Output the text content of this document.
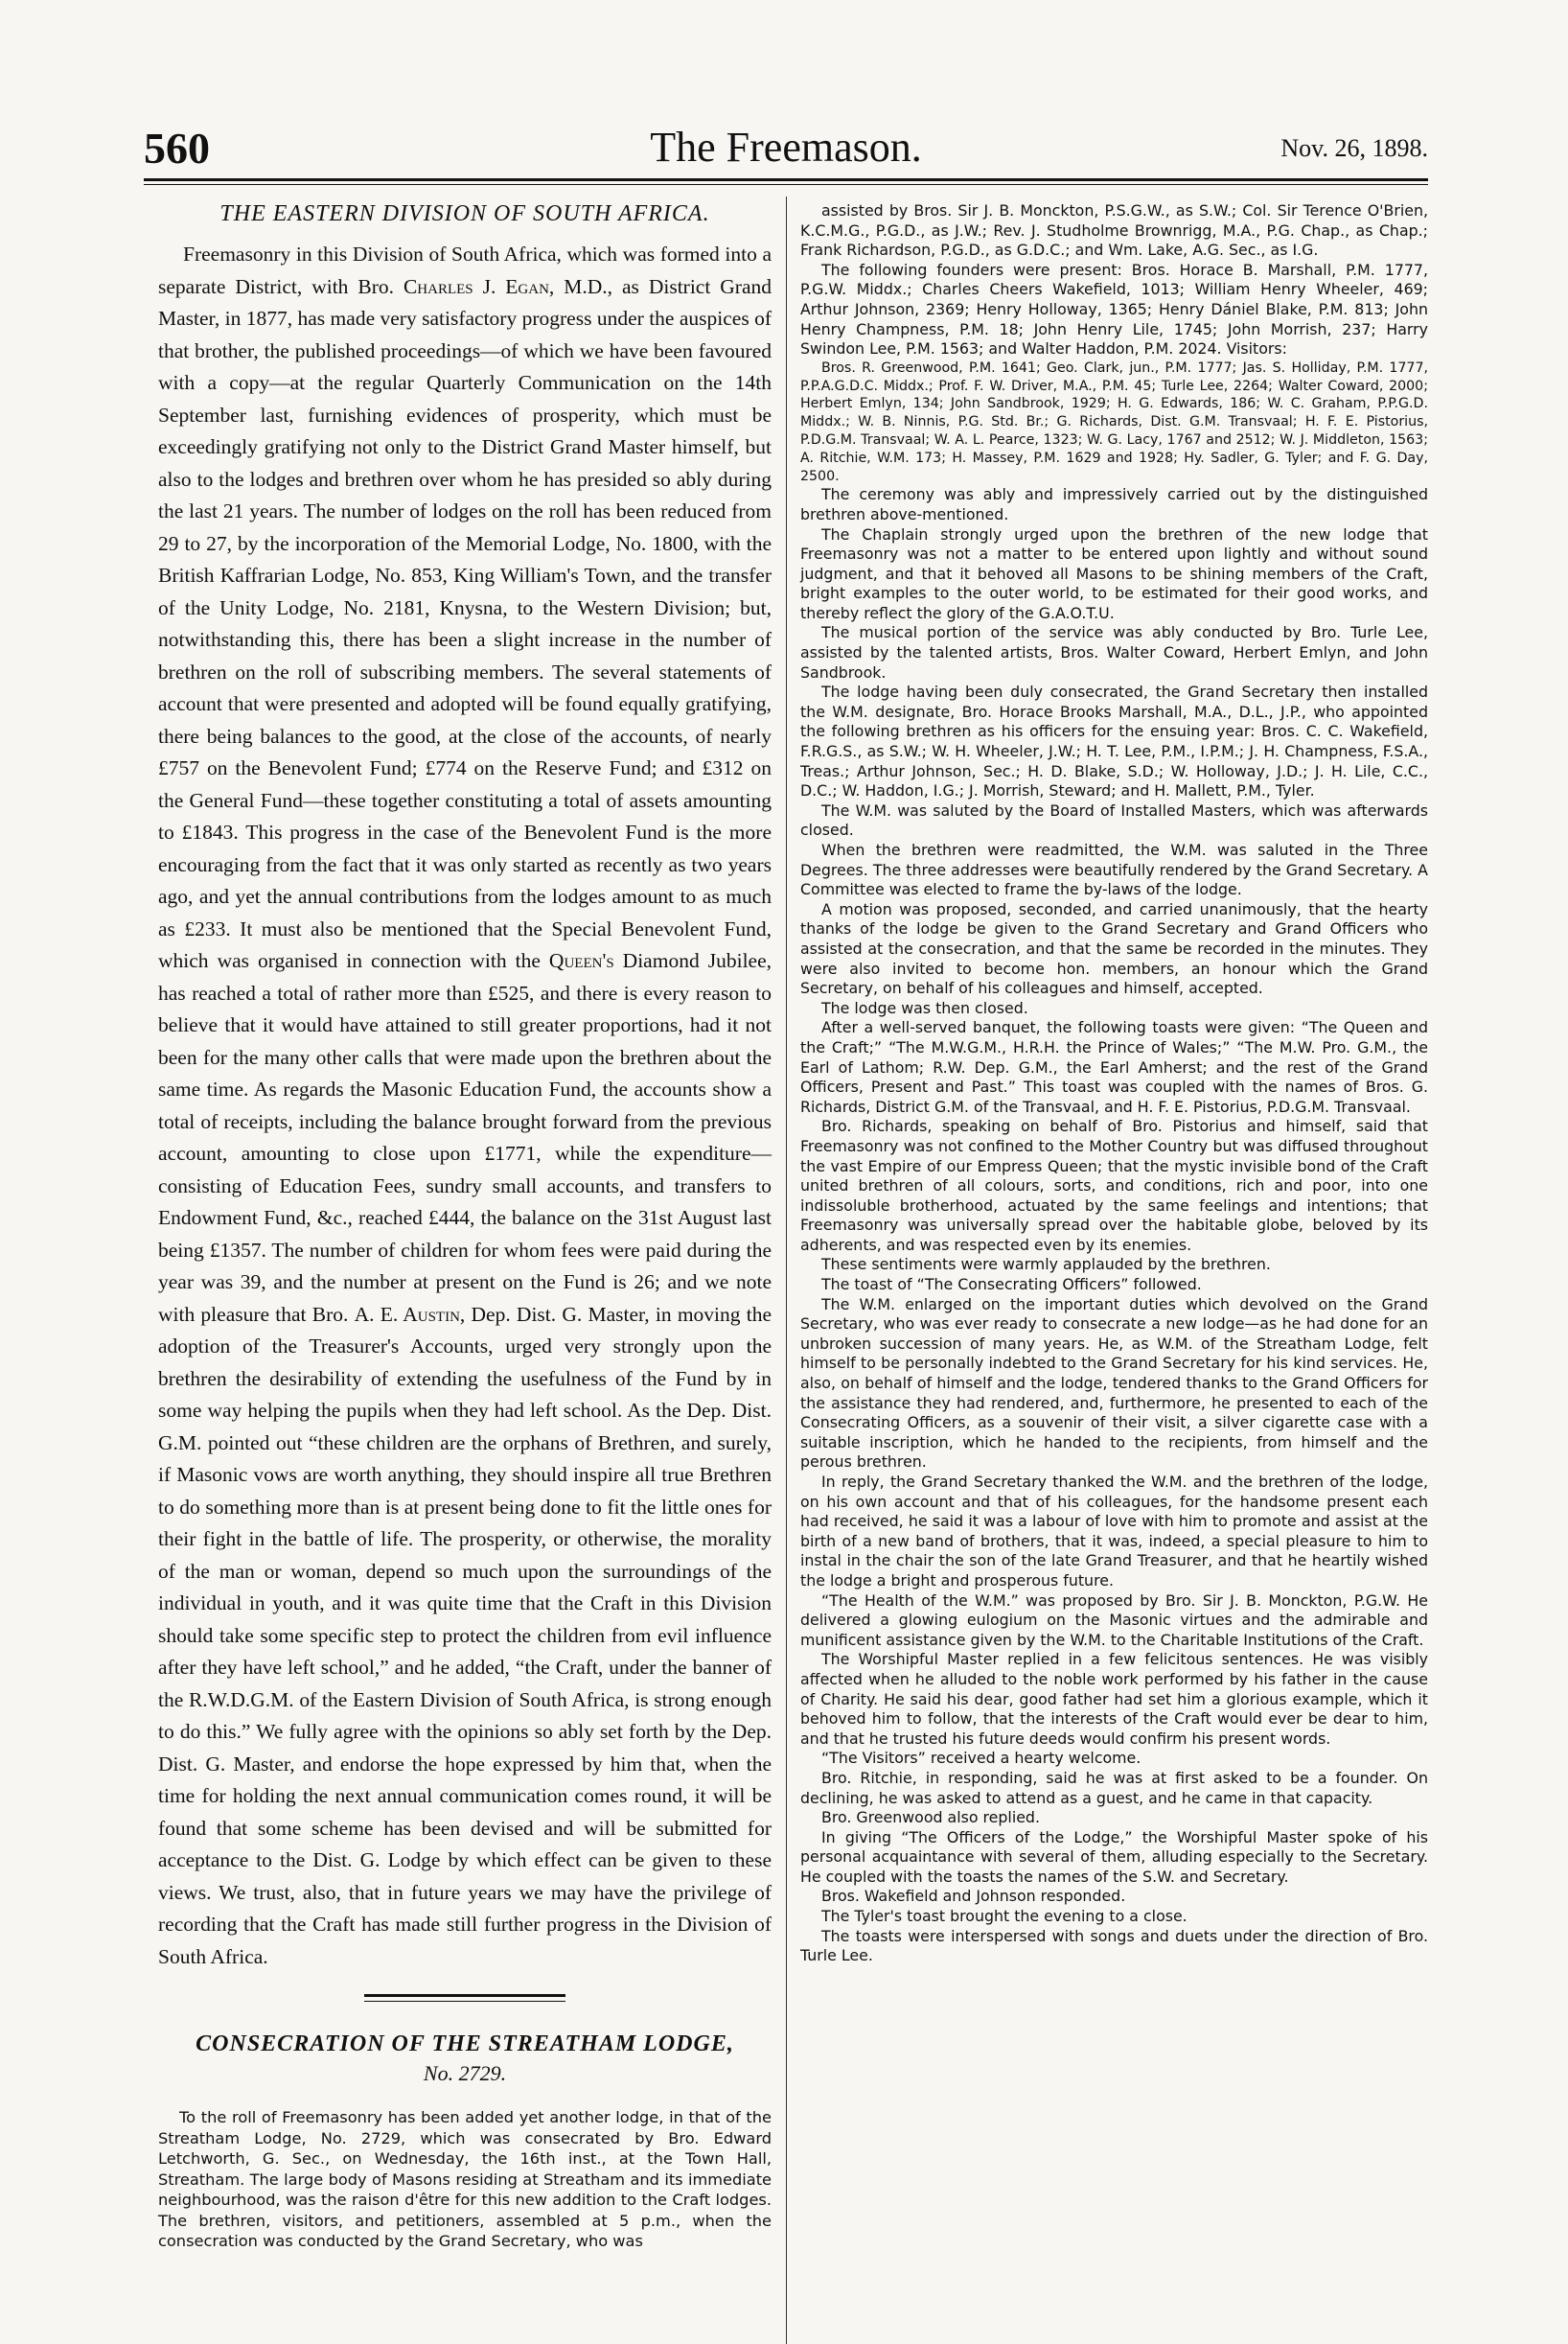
560	The Freemason.	Nov. 26, 1898.
THE EASTERN DIVISION OF SOUTH AFRICA.

Freemasonry in this Division of South Africa, which was formed into a separate District, with Bro. Charles J. Egan, M.D., as District Grand Master, in 1877, has made very satisfactory progress under the auspices of that brother, the published proceedings—of which we have been favoured with a copy—at the regular Quarterly Communication on the 14th September last, furnishing evidences of prosperity, which must be exceedingly gratifying not only to the District Grand Master himself, but also to the lodges and brethren over whom he has presided so ably during the last 21 years. The number of lodges on the roll has been reduced from 29 to 27, by the incorporation of the Memorial Lodge, No. 1800, with the British Kaffrarian Lodge, No. 853, King William's Town, and the transfer of the Unity Lodge, No. 2181, Knysna, to the Western Division; but, notwithstanding this, there has been a slight increase in the number of brethren on the roll of subscribing members. The several statements of account that were presented and adopted will be found equally gratifying, there being balances to the good, at the close of the accounts, of nearly £757 on the Benevolent Fund; £774 on the Reserve Fund; and £312 on the General Fund—these together constituting a total of assets amounting to £1843. This progress in the case of the Benevolent Fund is the more encouraging from the fact that it was only started as recently as two years ago, and yet the annual contributions from the lodges amount to as much as £233. It must also be mentioned that the Special Benevolent Fund, which was organised in connection with the Queen's Diamond Jubilee, has reached a total of rather more than £525, and there is every reason to believe that it would have attained to still greater proportions, had it not been for the many other calls that were made upon the brethren about the same time. As regards the Masonic Education Fund, the accounts show a total of receipts, including the balance brought forward from the previous account, amounting to close upon £1771, while the expenditure—consisting of Education Fees, sundry small accounts, and transfers to Endowment Fund, &c., reached £444, the balance on the 31st August last being £1357. The number of children for whom fees were paid during the year was 39, and the number at present on the Fund is 26; and we note with pleasure that Bro. A. E. Austin, Dep. Dist. G. Master, in moving the adoption of the Treasurer's Accounts, urged very strongly upon the brethren the desirability of extending the usefulness of the Fund by in some way helping the pupils when they had left school. As the Dep. Dist. G.M. pointed out “these children are the orphans of Brethren, and surely, if Masonic vows are worth anything, they should inspire all true Brethren to do something more than is at present being done to fit the little ones for their fight in the battle of life. The prosperity, or otherwise, the morality of the man or woman, depend so much upon the surroundings of the individual in youth, and it was quite time that the Craft in this Division should take some specific step to protect the children from evil influence after they have left school,” and he added, “the Craft, under the banner of the R.W.D.G.M. of the Eastern Division of South Africa, is strong enough to do this.” We fully agree with the opinions so ably set forth by the Dep. Dist. G. Master, and endorse the hope expressed by him that, when the time for holding the next annual communication comes round, it will be found that some scheme has been devised and will be submitted for acceptance to the Dist. G. Lodge by which effect can be given to these views. We trust, also, that in future years we may have the privilege of recording that the Craft has made still further progress in the Division of South Africa.

CONSECRATION OF THE STREATHAM LODGE,
No. 2729.

To the roll of Freemasonry has been added yet another lodge, in that of the Streatham Lodge, No. 2729, which was consecrated by Bro. Edward Letchworth, G. Sec., on Wednesday, the 16th inst., at the Town Hall, Streatham. The large body of Masons residing at Streatham and its immediate neighbourhood, was the raison d'être for this new addition to the Craft lodges. The brethren, visitors, and petitioners, assembled at 5 p.m., when the consecration was conducted by the Grand Secretary, who was

assisted by Bros. Sir J. B. Monckton, P.S.G.W., as S.W.; Col. Sir Terence O'Brien, K.C.M.G., P.G.D., as J.W.; Rev. J. Studholme Brownrigg, M.A., P.G. Chap., as Chap.; Frank Richardson, P.G.D., as G.D.C.; and Wm. Lake, A.G. Sec., as I.G.

The following founders were present: Bros. Horace B. Marshall, P.M. 1777, P.G.W. Middx.; Charles Cheers Wakefield, 1013; William Henry Wheeler, 469; Arthur Johnson, 2369; Henry Holloway, 1365; Henry Dániel Blake, P.M. 813; John Henry Champness, P.M. 18; John Henry Lile, 1745; John Morrish, 237; Harry Swindon Lee, P.M. 1563; and Walter Haddon, P.M. 2024. Visitors:

Bros. R. Greenwood, P.M. 1641; Geo. Clark, jun., P.M. 1777; Jas. S. Holliday, P.M. 1777, P.P.A.G.D.C. Middx.; Prof. F. W. Driver, M.A., P.M. 45; Turle Lee, 2264; Walter Coward, 2000; Herbert Emlyn, 134; John Sandbrook, 1929; H. G. Edwards, 186; W. C. Graham, P.P.G.D. Middx.; W. B. Ninnis, P.G. Std. Br.; G. Richards, Dist. G.M. Transvaal; H. F. E. Pistorius, P.D.G.M. Transvaal; W. A. L. Pearce, 1323; W. G. Lacy, 1767 and 2512; W. J. Middleton, 1563; A. Ritchie, W.M. 173; H. Massey, P.M. 1629 and 1928; Hy. Sadler, G. Tyler; and F. G. Day, 2500.

The ceremony was ably and impressively carried out by the distinguished brethren above-mentioned.

The Chaplain strongly urged upon the brethren of the new lodge that Freemasonry was not a matter to be entered upon lightly and without sound judgment, and that it behoved all Masons to be shining members of the Craft, bright examples to the outer world, to be estimated for their good works, and thereby reflect the glory of the G.A.O.T.U.

The musical portion of the service was ably conducted by Bro. Turle Lee, assisted by the talented artists, Bros. Walter Coward, Herbert Emlyn, and John Sandbrook.

The lodge having been duly consecrated, the Grand Secretary then installed the W.M. designate, Bro. Horace Brooks Marshall, M.A., D.L., J.P., who appointed the following brethren as his officers for the ensuing year: Bros. C. C. Wakefield, F.R.G.S., as S.W.; W. H. Wheeler, J.W.; H. T. Lee, P.M., I.P.M.; J. H. Champness, F.S.A., Treas.; Arthur Johnson, Sec.; H. D. Blake, S.D.; W. Holloway, J.D.; J. H. Lile, C.C., D.C.; W. Haddon, I.G.; J. Morrish, Steward; and H. Mallett, P.M., Tyler.

The W.M. was saluted by the Board of Installed Masters, which was afterwards closed.

When the brethren were readmitted, the W.M. was saluted in the Three Degrees. The three addresses were beautifully rendered by the Grand Secretary. A Committee was elected to frame the by-laws of the lodge.

A motion was proposed, seconded, and carried unanimously, that the hearty thanks of the lodge be given to the Grand Secretary and Grand Officers who assisted at the consecration, and that the same be recorded in the minutes. They were also invited to become hon. members, an honour which the Grand Secretary, on behalf of his colleagues and himself, accepted.

The lodge was then closed.

After a well-served banquet, the following toasts were given: “The Queen and the Craft;” “The M.W.G.M., H.R.H. the Prince of Wales;” “The M.W. Pro. G.M., the Earl of Lathom; R.W. Dep. G.M., the Earl Amherst; and the rest of the Grand Officers, Present and Past.” This toast was coupled with the names of Bros. G. Richards, District G.M. of the Transvaal, and H. F. E. Pistorius, P.D.G.M. Transvaal.

Bro. Richards, speaking on behalf of Bro. Pistorius and himself, said that Freemasonry was not confined to the Mother Country but was diffused throughout the vast Empire of our Empress Queen; that the mystic invisible bond of the Craft united brethren of all colours, sorts, and conditions, rich and poor, into one indissoluble brotherhood, actuated by the same feelings and intentions; that Freemasonry was universally spread over the habitable globe, beloved by its adherents, and was respected even by its enemies.

These sentiments were warmly applauded by the brethren.

The toast of “The Consecrating Officers” followed.

The W.M. enlarged on the important duties which devolved on the Grand Secretary, who was ever ready to consecrate a new lodge—as he had done for an unbroken succession of many years. He, as W.M. of the Streatham Lodge, felt himself to be personally indebted to the Grand Secretary for his kind services. He, also, on behalf of himself and the lodge, tendered thanks to the Grand Officers for the assistance they had rendered, and, furthermore, he presented to each of the Consecrating Officers, as a souvenir of their visit, a silver cigarette case with a suitable inscription, which he handed to the recipients, from himself and the perous brethren.

In reply, the Grand Secretary thanked the W.M. and the brethren of the lodge, on his own account and that of his colleagues, for the handsome present each had received, he said it was a labour of love with him to promote and assist at the birth of a new band of brothers, that it was, indeed, a special pleasure to him to instal in the chair the son of the late Grand Treasurer, and that he heartily wished the lodge a bright and prosperous future.

“The Health of the W.M.” was proposed by Bro. Sir J. B. Monckton, P.G.W. He delivered a glowing eulogium on the Masonic virtues and the admirable and munificent assistance given by the W.M. to the Charitable Institutions of the Craft.

The Worshipful Master replied in a few felicitous sentences. He was visibly affected when he alluded to the noble work performed by his father in the cause of Charity. He said his dear, good father had set him a glorious example, which it behoved him to follow, that the interests of the Craft would ever be dear to him, and that he trusted his future deeds would confirm his present words.

“The Visitors” received a hearty welcome.

Bro. Ritchie, in responding, said he was at first asked to be a founder. On declining, he was asked to attend as a guest, and he came in that capacity.

Bro. Greenwood also replied.

In giving “The Officers of the Lodge,” the Worshipful Master spoke of his personal acquaintance with several of them, alluding especially to the Secretary. He coupled with the toasts the names of the S.W. and Secretary.

Bros. Wakefield and Johnson responded.

The Tyler's toast brought the evening to a close.

The toasts were interspersed with songs and duets under the direction of Bro. Turle Lee.
